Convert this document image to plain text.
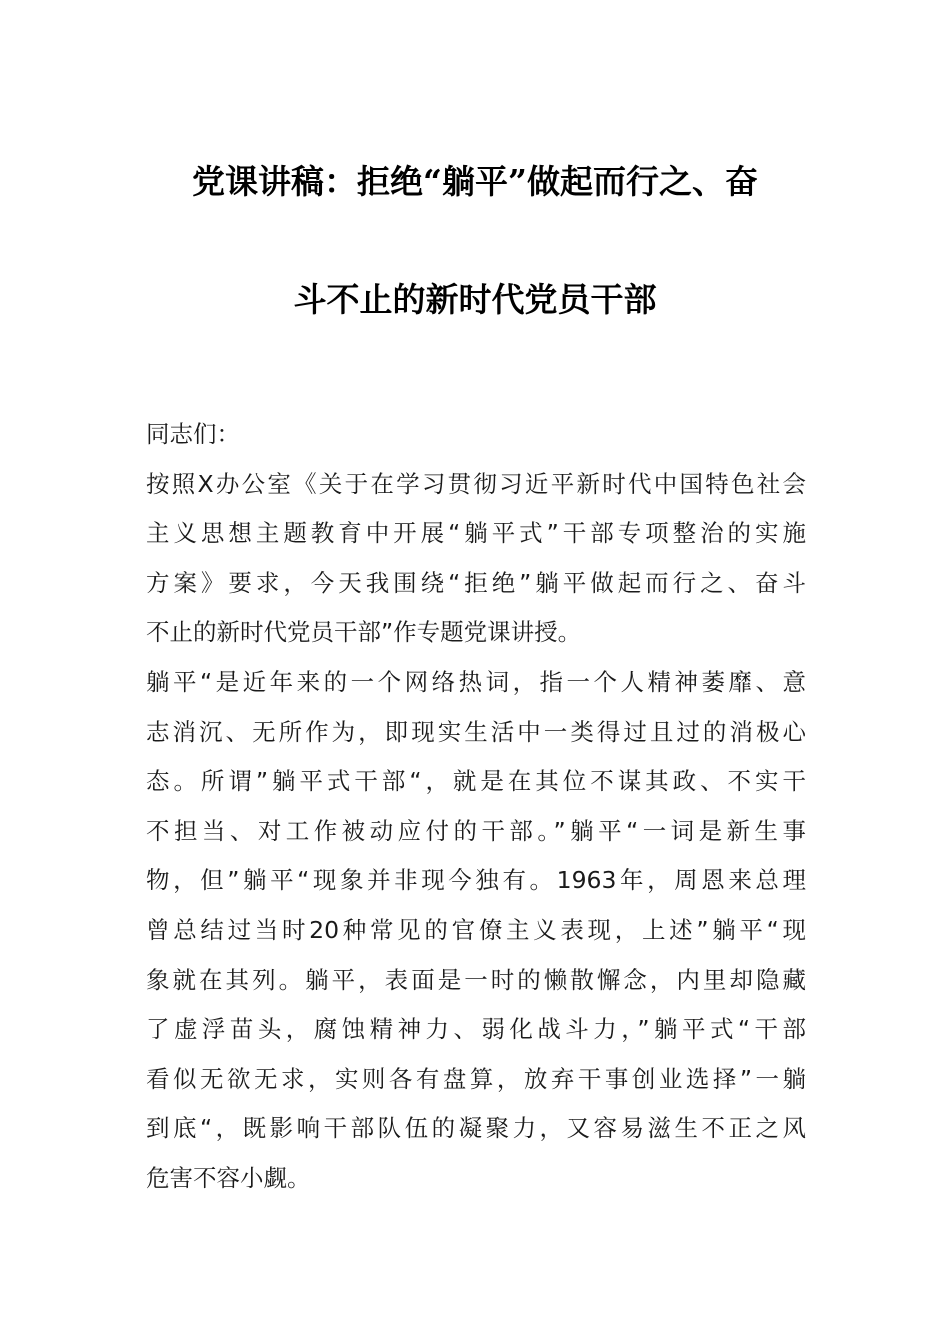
党课讲稿：拒绝“躺平”做起而行之、奋
斗不止的新时代党员干部

同志们：

按照X办公室《关于在学习贯彻习近平新时代中国特色社会
主义思想主题教育中开展“躺平式”干部专项整治的实施
方案》要求，今天我围绕“拒绝”躺平做起而行之、奋斗
不止的新时代党员干部”作专题党课讲授。

躺平“是近年来的一个网络热词，指一个人精神萎靡、意
志消沉、无所作为，即现实生活中一类得过且过的消极心
态。所谓”躺平式干部“，就是在其位不谋其政、不实干
不担当、对工作被动应付的干部。”躺平“一词是新生事
物，但”躺平“现象并非现今独有。1963年，周恩来总理
曾总结过当时20种常见的官僚主义表现，上述”躺平“现
象就在其列。躺平，表面是一时的懒散懈念，内里却隐藏
了虚浮苗头，腐蚀精神力、弱化战斗力，”躺平式“干部
看似无欲无求，实则各有盘算，放弃干事创业选择”一躺
到底“，既影响干部队伍的凝聚力，又容易滋生不正之风
危害不容小觑。
